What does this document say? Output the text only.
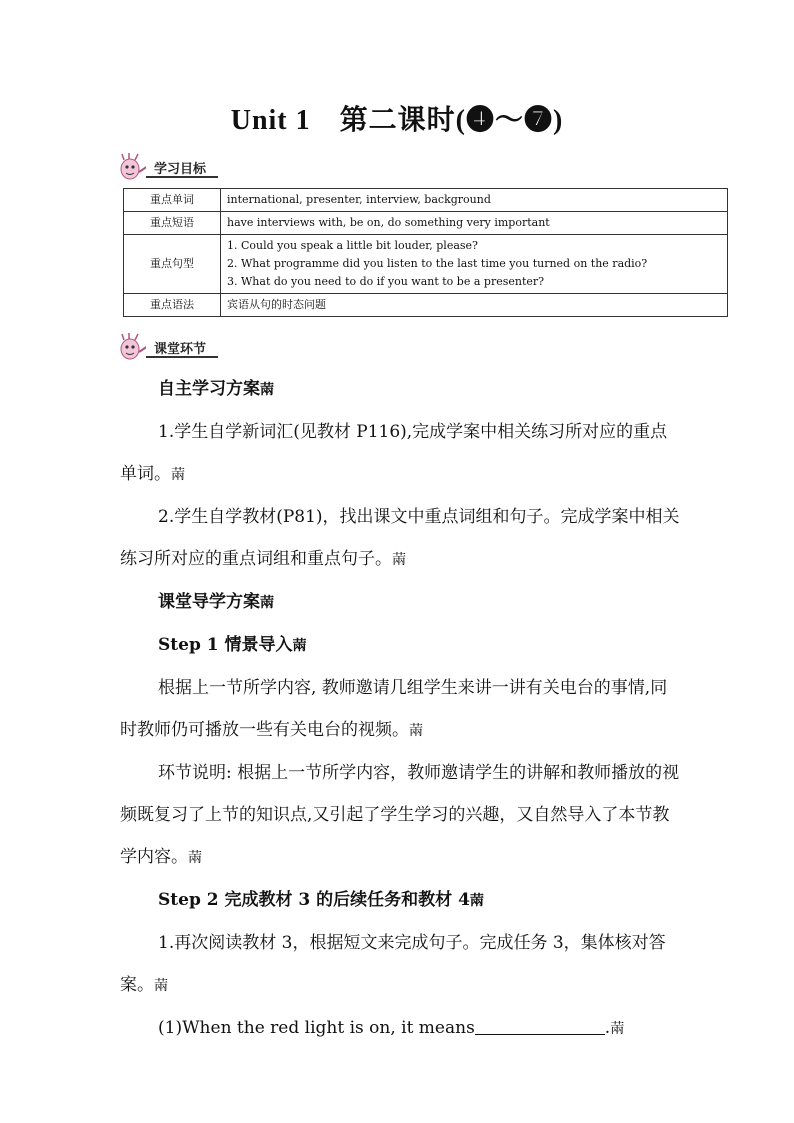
Unit 1　第二课时(❹～❼)
学习目标
重点单词	international, presenter, interview, background
重点短语	have interviews with, be on, do something very important
重点句型	1. Could you speak a little bit louder, please?
2. What programme did you listen to the last time you turned on the radio?
3. What do you need to do if you want to be a presenter?

重点语法	宾语从句的时态问题
课堂环节

自主学习方案䓣

1.学生自学新词汇(见教材 P116),完成学案中相关练习所对应的重点单词。䓣

2.学生自学教材(P81)，找出课文中重点词组和句子。完成学案中相关练习所对应的重点词组和重点句子。䓣

课堂导学方案䓣

Step 1 情景导入䓣

根据上一节所学内容, 教师邀请几组学生来讲一讲有关电台的事情,同时教师仍可播放一些有关电台的视频。䓣

环节说明: 根据上一节所学内容，教师邀请学生的讲解和教师播放的视频既复习了上节的知识点,又引起了学生学习的兴趣，又自然导入了本节教学内容。䓣

Step 2 完成教材 3 的后续任务和教材 4䓣

1.再次阅读教材 3，根据短文来完成句子。完成任务 3，集体核对答案。䓣

(1)When the red light is on, it means	.䓣
